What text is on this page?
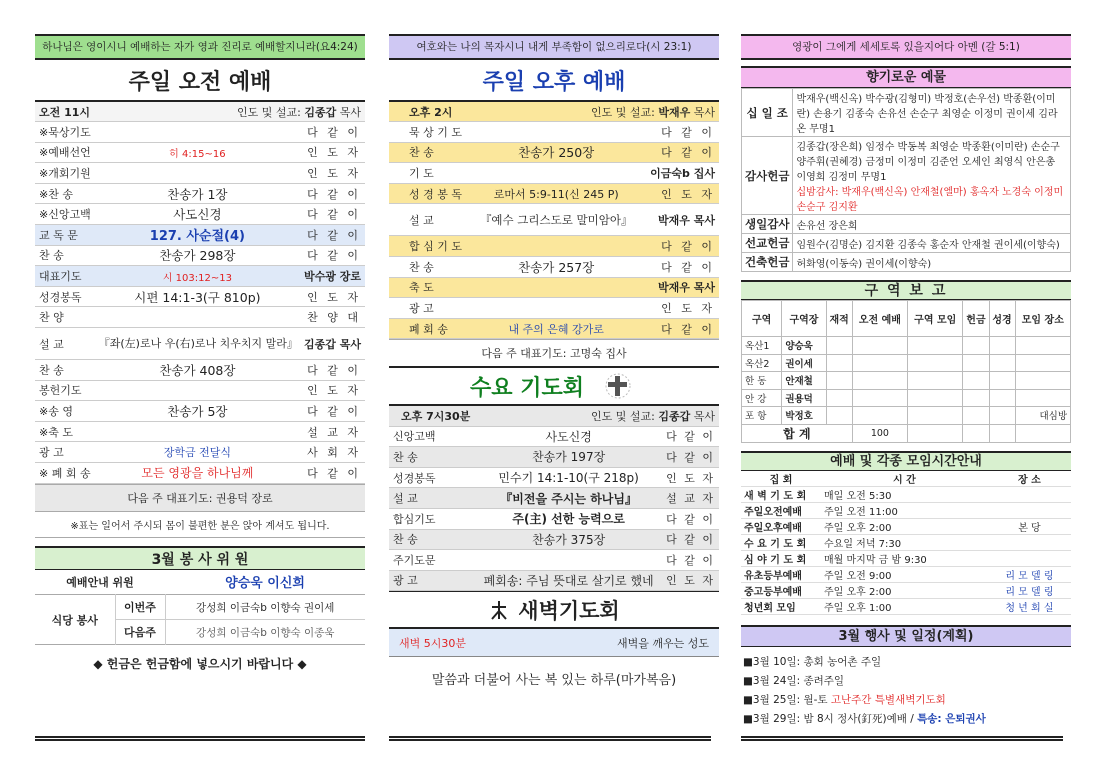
하나님은 영이시니 예배하는 자가 영과 진리로 예배할지니라(요4:24)
주일 오전 예배
오전 11시	인도 및 설교: 김종갑 목사	
※묵상기도		다 같 이
※예배선언	히 4:15~16	인 도 자
※개회기원		인 도 자
※찬 송	찬송가 1장	다 같 이
※신앙고백	사도신경	다 같 이
교 독 문	127. 사순절(4)	다 같 이
찬 송	찬송가 298장	다 같 이
대표기도	시 103:12~13	박수광 장로
성경봉독	시편 14:1-3(구 810p)	인 도 자
찬 양		찬 양 대
설 교	『좌(左)로나 우(右)로나 치우치지 말라』	김종갑 목사
찬 송	찬송가 408장	다 같 이
봉헌기도		인 도 자
※송 영	찬송가 5장	다 같 이
※축 도		설 교 자
광 고	장학금 전달식	사 회 자
※ 폐 회 송	모든 영광을 하나님께	다 같 이
다음 주 대표기도: 권용덕 장로
※표는 일어서 주시되 몸이 불편한 분은 앉아 계셔도 됩니다.
3월 봉 사 위 원
예배안내 위원		양승욱 이신희
식당 봉사	이번주	강성희 이금숙b 이향숙 권이세
	다음주	강성희 이금숙b 이향숙 이종욱
◆ 헌금은 헌금함에 넣으시기 바랍니다 ◆
여호와는 나의 목자시니 내게 부족함이 없으리로다(시 23:1)
주일 오후 예배
오후 2시	인도 및 설교: 박재우 목사	
묵 상 기 도		다 같 이
찬 송	찬송가 250장	다 같 이
기 도		이금숙b 집사
성 경 봉 독	로마서 5:9-11(신 245 P)	인 도 자
설 교	『예수 그리스도로 말미암아』	박재우 목사
합 심 기 도		다 같 이
찬 송	찬송가 257장	다 같 이
축 도		박재우 목사
광 고		인 도 자
폐 회 송	내 주의 은혜 강가로	다 같 이
다음 주 대표기도: 고명숙 집사
수요 기도회
오후 7시30분	인도 및 설교: 김종갑 목사	
신앙고백	사도신경	다 같 이
찬 송	찬송가 197장	다 같 이
성경봉독	민수기 14:1-10(구 218p)	인 도 자
설 교	『비전을 주시는 하나님』	설 교 자
합심기도	주(主) 선한 능력으로	다 같 이
찬 송	찬송가 375장	다 같 이
주기도문		다 같 이
광 고	폐회송: 주님 뜻대로 살기로 했네	인 도 자
새벽기도회
새벽 5시30분	새벽을 깨우는 성도
말씀과 더불어 사는 복 있는 하루(마가복음)
영광이 그에게 세세토록 있을지어다 아멘 (갈 5:1)
향기로운 예물
십 일 조	박재우(백신옥) 박수광(김형미) 박정호(손우선) 박종환(이미란) 손용기 김종숙 손유선 손순구 최영순 이정미 권이세 김라온 무명1
감사헌금	김종갑(장은희) 임정수 박동복 최영순 박종환(이미란) 손순구 양주휘(권혜경) 금정미 이정미 김준언 오세인 최영식 안은총 이영희 김정미 무명1
십밤감사: 박재우(백신옥) 안재철(엘마) 홍옥자 노경숙 이정미 손순구 김지환

생일감사	손유선 장은희
선교헌금	임원수(김명순) 김지환 김종숙 홍순자 안재철 권이세(이향숙)
건축헌금	허화영(이동숙) 권이세(이향숙)
구 역 보 고
구역	구역장	재적	오전 예배	구역 모임	헌금	성경	모임 장소
옥산1	양승욱						
옥산2	권이세						
한 동	안재철						
안 강	권용덕						
포 항	박정호						대심방
합 계			100				
예배 및 각종 모임시간안내
집 회	시 간	장 소
새 벽 기 도 회	매일 오전 5:30	
주일오전예배	주일 오전 11:00	
주일오후예배	주일 오후 2:00	본 당
수 요 기 도 회	수요일 저녁 7:30	
심 야 기 도 회	매월 마지막 금 밤 9:30	
유초등부예배	주일 오전 9:00	리 모 델 링
중고등부예배	주일 오후 2:00	리 모 델 링
청년회 모임	주일 오후 1:00	청 년 회 실
3월 행사 및 일정(계획)
■3월 10일: 총회 농어촌 주일
■3월 24일: 종려주일
■3월 25일: 월-토 고난주간 특별새벽기도회
■3월 29일: 밤 8시 정사(釘死)예배 / 특송: 은퇴권사
